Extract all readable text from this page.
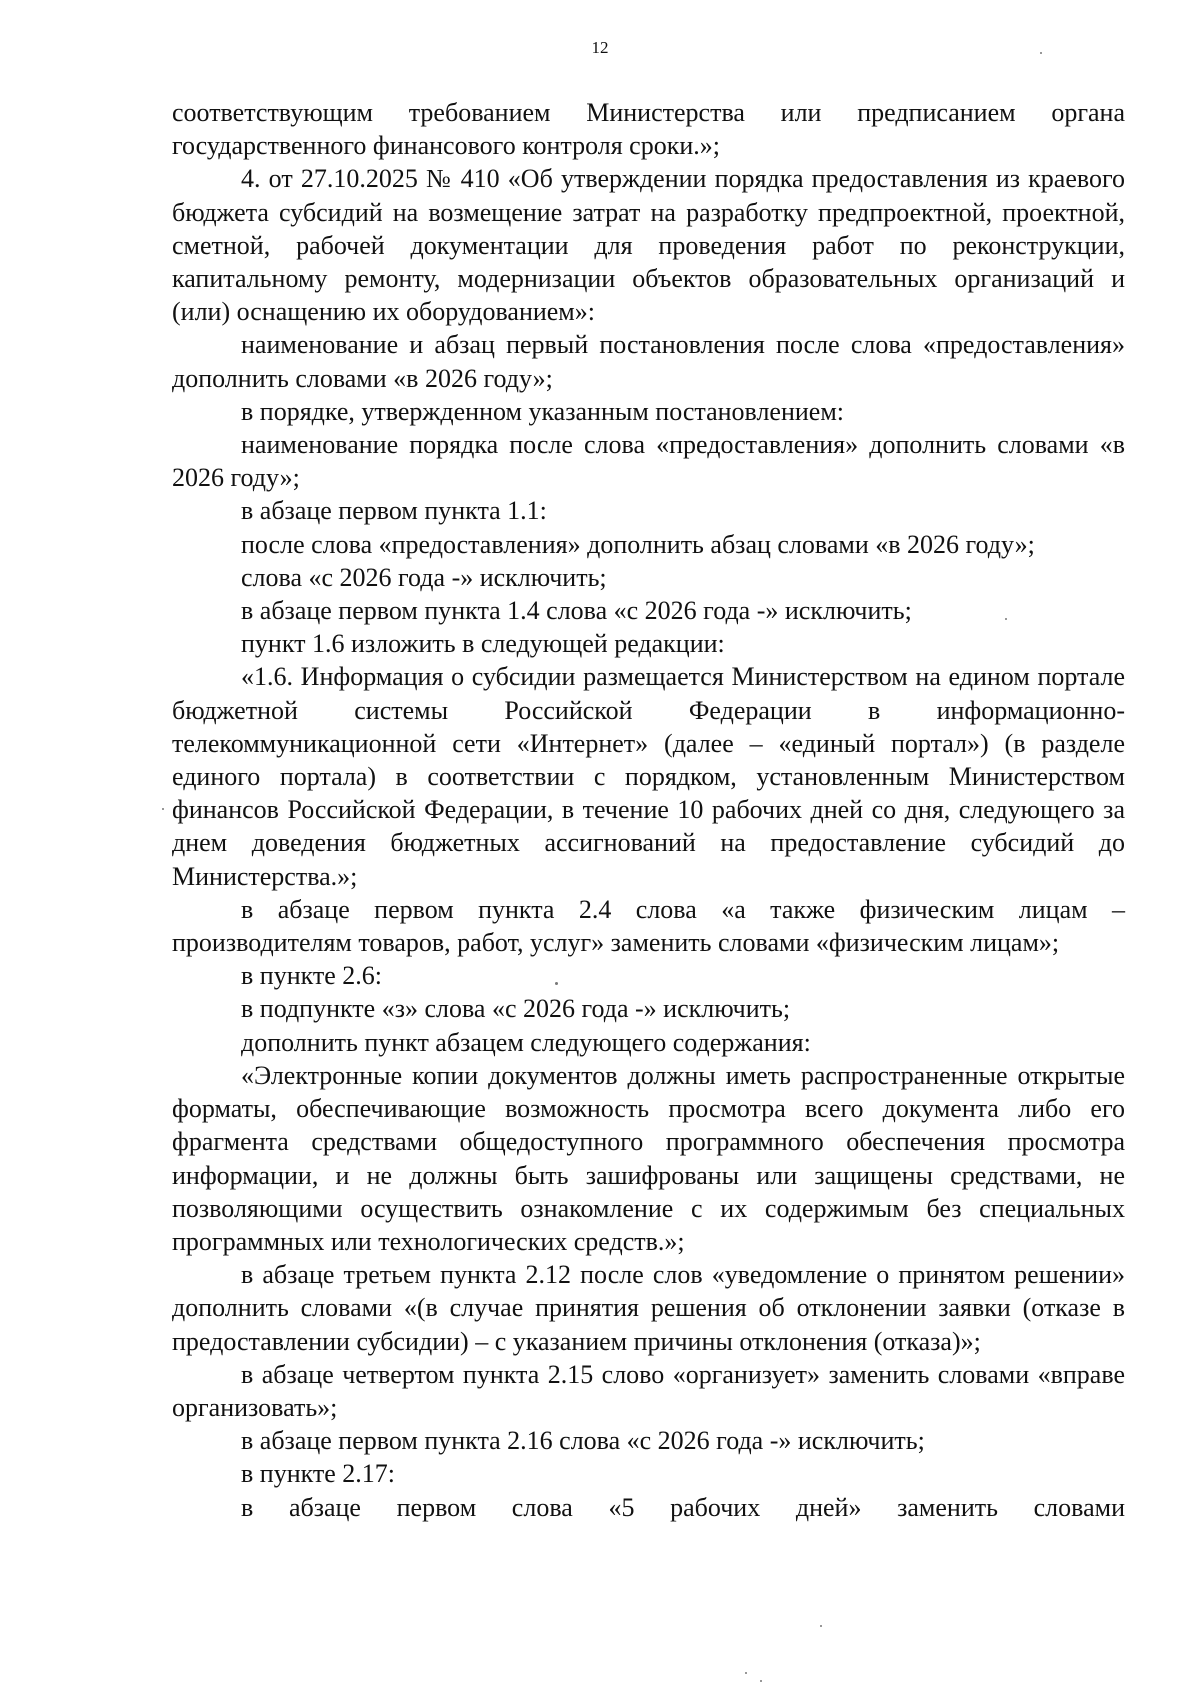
12

соответствующим требованием Министерства или предписанием органа государственного финансового контроля сроки.»;

4. от 27.10.2025 № 410 «Об утверждении порядка предоставления из краевого бюджета субсидий на возмещение затрат на разработку предпроектной, проектной, сметной, рабочей документации для проведения работ по реконструкции, капитальному ремонту, модернизации объектов образовательных организаций и (или) оснащению их оборудованием»:

наименование и абзац первый постановления после слова «предоставления» дополнить словами «в 2026 году»;

в порядке, утвержденном указанным постановлением:

наименование порядка после слова «предоставления» дополнить словами «в 2026 году»;

в абзаце первом пункта 1.1:

после слова «предоставления» дополнить абзац словами «в 2026 году»;

слова «с 2026 года -» исключить;

в абзаце первом пункта 1.4 слова «с 2026 года -» исключить;

пункт 1.6 изложить в следующей редакции:

«1.6. Информация о субсидии размещается Министерством на едином портале бюджетной системы Российской Федерации в информационно-телекоммуникационной сети «Интернет» (далее – «единый портал») (в разделе единого портала) в соответствии с порядком, установленным Министерством финансов Российской Федерации, в течение 10 рабочих дней со дня, следующего за днем доведения бюджетных ассигнований на предоставление субсидий до Министерства.»;

в абзаце первом пункта 2.4 слова «а также физическим лицам – производителям товаров, работ, услуг» заменить словами «физическим лицам»;

в пункте 2.6:

в подпункте «з» слова «с 2026 года -» исключить;

дополнить пункт абзацем следующего содержания:

«Электронные копии документов должны иметь распространенные открытые форматы, обеспечивающие возможность просмотра всего документа либо его фрагмента средствами общедоступного программного обеспечения просмотра информации, и не должны быть зашифрованы или защищены средствами, не позволяющими осуществить ознакомление с их содержимым без специальных программных или технологических средств.»;

в абзаце третьем пункта 2.12 после слов «уведомление о принятом решении» дополнить словами «(в случае принятия решения об отклонении заявки (отказе в предоставлении субсидии) – с указанием причины отклонения (отказа)»;

в абзаце четвертом пункта 2.15 слово «организует» заменить словами «вправе организовать»;

в абзаце первом пункта 2.16 слова «с 2026 года -» исключить;

в пункте 2.17:

в абзаце первом слова «5 рабочих дней» заменить словами
